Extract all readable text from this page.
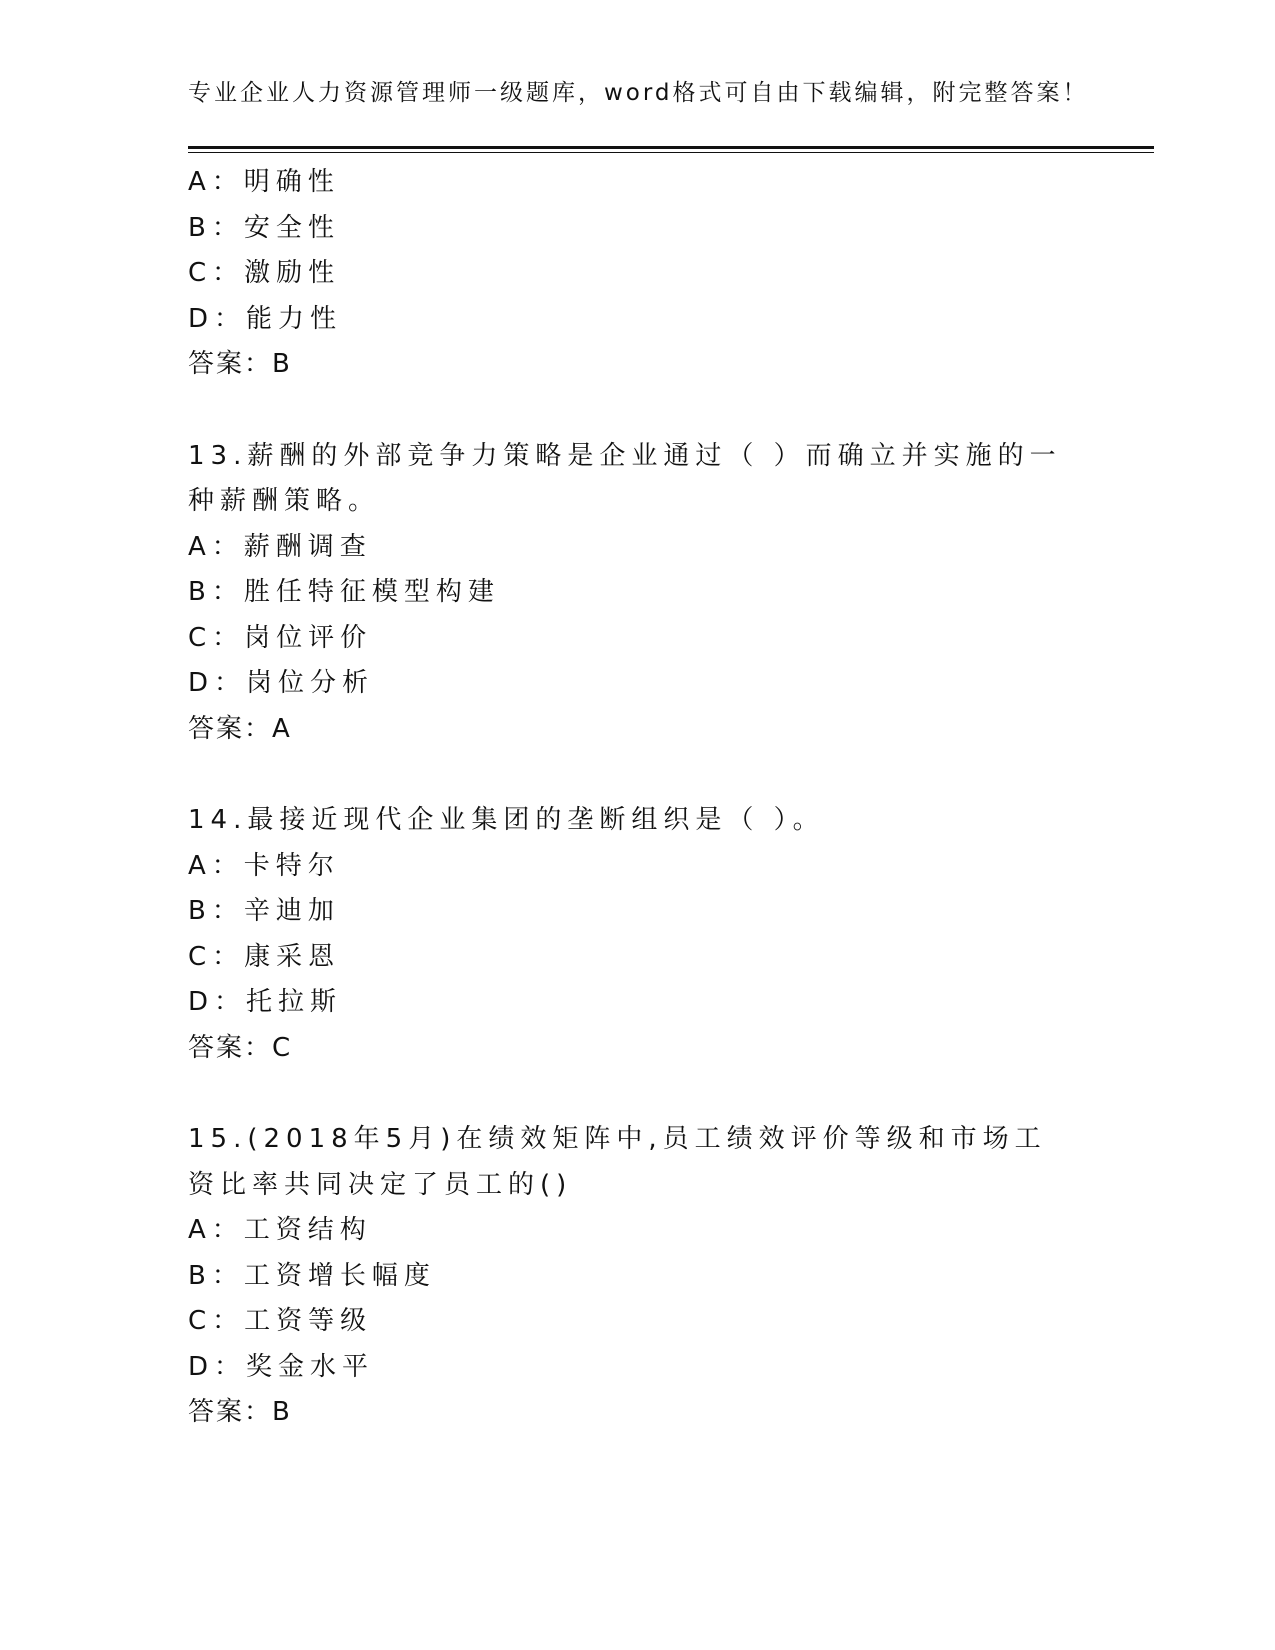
专业企业人力资源管理师一级题库，word格式可自由下载编辑，附完整答案！
A：明确性
B：安全性
C：激励性
D：能力性
答案：B
13.薪酬的外部竞争力策略是企业通过（ ）而确立并实施的一种薪酬策略。
A：薪酬调查
B：胜任特征模型构建
C：岗位评价
D：岗位分析
答案：A
14.最接近现代企业集团的垄断组织是（ ）。
A：卡特尔
B：辛迪加
C：康采恩
D：托拉斯
答案：C
15.(2018年5月)在绩效矩阵中,员工绩效评价等级和市场工资比率共同决定了员工的()
A：工资结构
B：工资增长幅度
C：工资等级
D：奖金水平
答案：B
